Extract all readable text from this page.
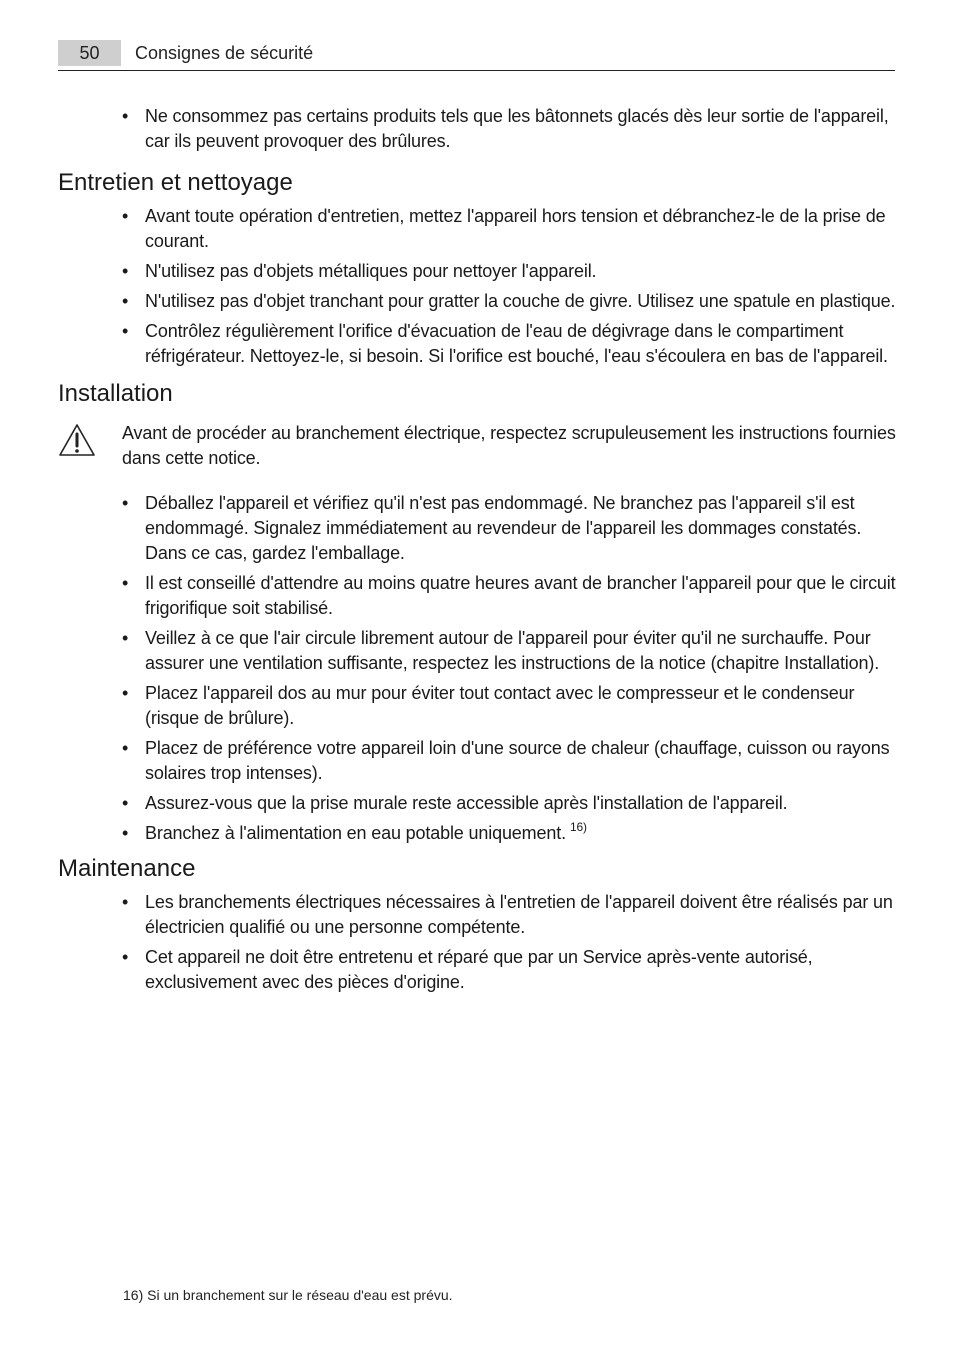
50	Consignes de sécurité
• Ne consommez pas certains produits tels que les bâtonnets glacés dès leur sortie de l'appareil, car ils peuvent provoquer des brûlures.
Entretien et nettoyage
• Avant toute opération d'entretien, mettez l'appareil hors tension et débranchez-le de la prise de courant.
• N'utilisez pas d'objets métalliques pour nettoyer l'appareil.
• N'utilisez pas d'objet tranchant pour gratter la couche de givre. Utilisez une spatule en plastique.
• Contrôlez régulièrement l'orifice d'évacuation de l'eau de dégivrage dans le compartiment réfrigérateur. Nettoyez-le, si besoin. Si l'orifice est bouché, l'eau s'écoulera en bas de l'appareil.
Installation
Avant de procéder au branchement électrique, respectez scrupuleusement les instructions fournies dans cette notice.
• Déballez l'appareil et vérifiez qu'il n'est pas endommagé. Ne branchez pas l'appareil s'il est endommagé. Signalez immédiatement au revendeur de l'appareil les dommages constatés. Dans ce cas, gardez l'emballage.
• Il est conseillé d'attendre au moins quatre heures avant de brancher l'appareil pour que le circuit frigorifique soit stabilisé.
• Veillez à ce que l'air circule librement autour de l'appareil pour éviter qu'il ne surchauffe. Pour assurer une ventilation suffisante, respectez les instructions de la notice (chapitre Installation).
• Placez l'appareil dos au mur pour éviter tout contact avec le compresseur et le condenseur (risque de brûlure).
• Placez de préférence votre appareil loin d'une source de chaleur (chauffage, cuisson ou rayons solaires trop intenses).
• Assurez-vous que la prise murale reste accessible après l'installation de l'appareil.
• Branchez à l'alimentation en eau potable uniquement. $^{16)}$
Maintenance
• Les branchements électriques nécessaires à l'entretien de l'appareil doivent être réalisés par un électricien qualifié ou une personne compétente.
• Cet appareil ne doit être entretenu et réparé que par un Service après-vente autorisé, exclusivement avec des pièces d'origine.
16) Si un branchement sur le réseau d'eau est prévu.
